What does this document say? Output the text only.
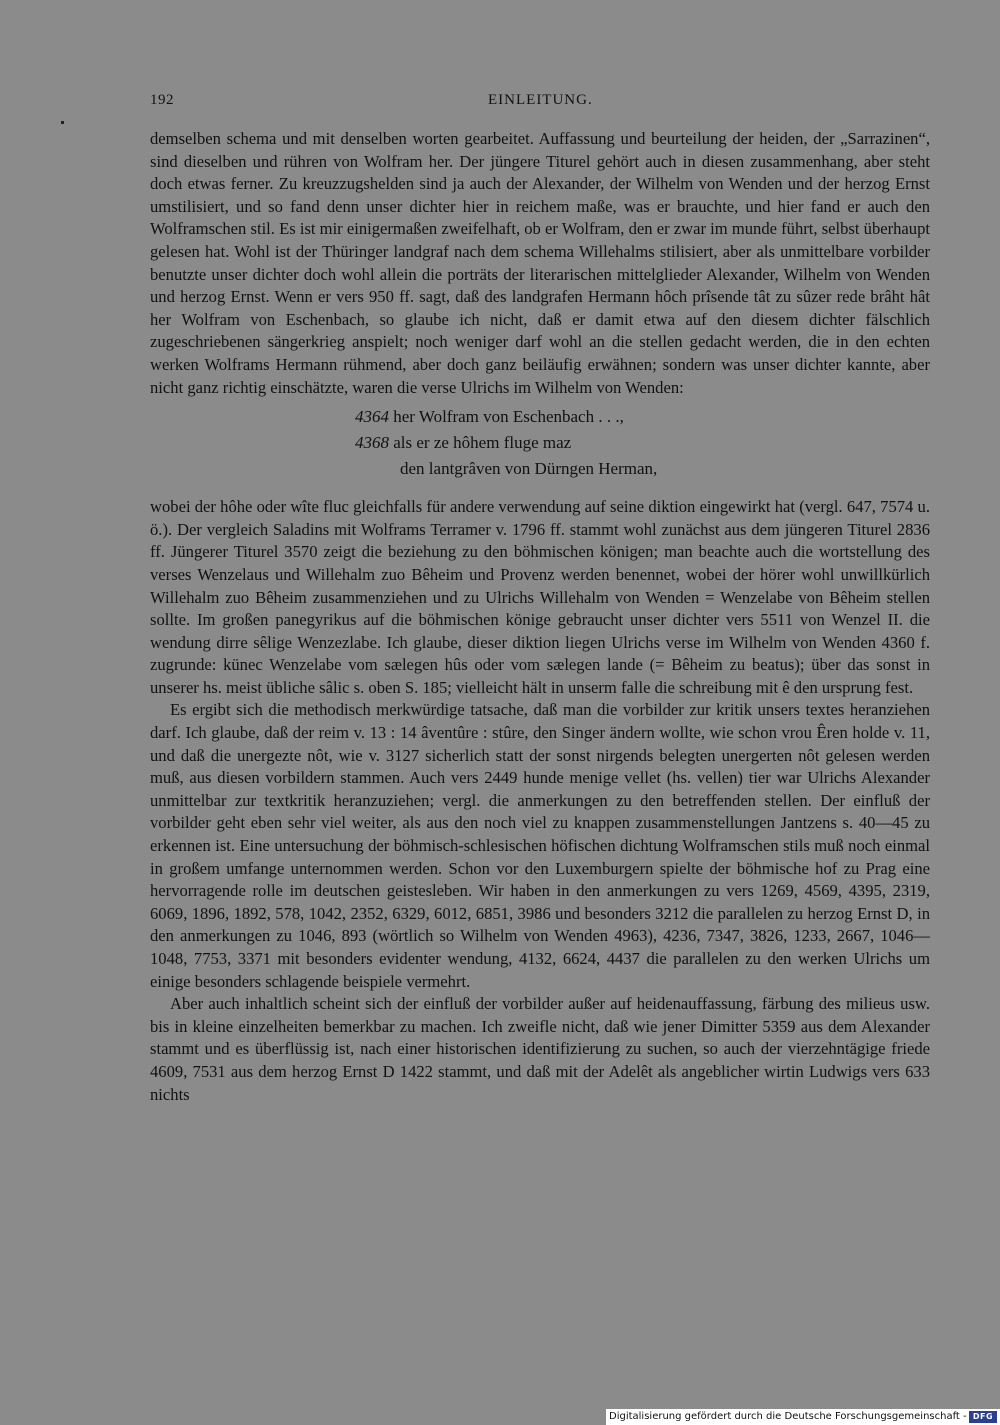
192	EINLEITUNG.

demselben schema und mit denselben worten gearbeitet. Auffassung und beurteilung der heiden, der „Sarrazinen“, sind dieselben und rühren von Wolfram her. Der jüngere Titurel gehört auch in diesen zusammenhang, aber steht doch etwas ferner. Zu kreuzzugshelden sind ja auch der Alexander, der Wilhelm von Wenden und der herzog Ernst umstilisiert, und so fand denn unser dichter hier in reichem maße, was er brauchte, und hier fand er auch den Wolframschen stil. Es ist mir einigermaßen zweifelhaft, ob er Wolfram, den er zwar im munde führt, selbst überhaupt gelesen hat. Wohl ist der Thüringer landgraf nach dem schema Willehalms stilisiert, aber als unmittelbare vorbilder benutzte unser dichter doch wohl allein die porträts der literarischen mittelglieder Alexander, Wilhelm von Wenden und herzog Ernst. Wenn er vers 950 ff. sagt, daß des landgrafen Hermann hôch prîsende tât zu sûzer rede brâht hât her Wolfram von Eschenbach, so glaube ich nicht, daß er damit etwa auf den diesem dichter fälschlich zugeschriebenen sängerkrieg anspielt; noch weniger darf wohl an die stellen gedacht werden, die in den echten werken Wolframs Hermann rühmend, aber doch ganz beiläufig erwähnen; sondern was unser dichter kannte, aber nicht ganz richtig einschätzte, waren die verse Ulrichs im Wilhelm von Wenden:

4364 her Wolfram von Eschenbach . . .,
4368 als er ze hôhem fluge maz
den lantgrâven von Dürngen Herman,

wobei der hôhe oder wîte fluc gleichfalls für andere verwendung auf seine diktion eingewirkt hat (vergl. 647, 7574 u. ö.). Der vergleich Saladins mit Wolframs Terramer v. 1796 ff. stammt wohl zunächst aus dem jüngeren Titurel 2836 ff. Jüngerer Titurel 3570 zeigt die beziehung zu den böhmischen königen; man beachte auch die wortstellung des verses Wenzelaus und Willehalm zuo Bêheim und Provenz werden benennet, wobei der hörer wohl unwillkürlich Willehalm zuo Bêheim zusammenziehen und zu Ulrichs Willehalm von Wenden = Wenzelabe von Bêheim stellen sollte. Im großen panegyrikus auf die böhmischen könige gebraucht unser dichter vers 5511 von Wenzel II. die wendung dirre sêlige Wenzezlabe. Ich glaube, dieser diktion liegen Ulrichs verse im Wilhelm von Wenden 4360 f. zugrunde: künec Wenzelabe vom sælegen hûs oder vom sælegen lande (= Bêheim zu beatus); über das sonst in unserer hs. meist übliche sâlic s. oben S. 185; vielleicht hält in unserm falle die schreibung mit ê den ursprung fest.

Es ergibt sich die methodisch merkwürdige tatsache, daß man die vorbilder zur kritik unsers textes heranziehen darf. Ich glaube, daß der reim v. 13 : 14 âventûre : stûre, den Singer ändern wollte, wie schon vrou Êren holde v. 11, und daß die unergezte nôt, wie v. 3127 sicherlich statt der sonst nirgends belegten unergerten nôt gelesen werden muß, aus diesen vorbildern stammen. Auch vers 2449 hunde menige vellet (hs. vellen) tier war Ulrichs Alexander unmittelbar zur textkritik heranzuziehen; vergl. die anmerkungen zu den betreffenden stellen. Der einfluß der vorbilder geht eben sehr viel weiter, als aus den noch viel zu knappen zusammenstellungen Jantzens s. 40—45 zu erkennen ist. Eine untersuchung der böhmisch-schlesischen höfischen dichtung Wolframschen stils muß noch einmal in großem umfange unternommen werden. Schon vor den Luxemburgern spielte der böhmische hof zu Prag eine hervorragende rolle im deutschen geistesleben. Wir haben in den anmerkungen zu vers 1269, 4569, 4395, 2319, 6069, 1896, 1892, 578, 1042, 2352, 6329, 6012, 6851, 3986 und besonders 3212 die parallelen zu herzog Ernst D, in den anmerkungen zu 1046, 893 (wörtlich so Wilhelm von Wenden 4963), 4236, 7347, 3826, 1233, 2667, 1046—1048, 7753, 3371 mit besonders evidenter wendung, 4132, 6624, 4437 die parallelen zu den werken Ulrichs um einige besonders schlagende beispiele vermehrt.

Aber auch inhaltlich scheint sich der einfluß der vorbilder außer auf heidenauffassung, färbung des milieus usw. bis in kleine einzelheiten bemerkbar zu machen. Ich zweifle nicht, daß wie jener Dimitter 5359 aus dem Alexander stammt und es überflüssig ist, nach einer historischen identifizierung zu suchen, so auch der vierzehntägige friede 4609, 7531 aus dem herzog Ernst D 1422 stammt, und daß mit der Adelêt als angeblicher wirtin Ludwigs vers 633 nichts

Digitalisierung gefördert durch die Deutsche Forschungsgemeinschaft - DFG
